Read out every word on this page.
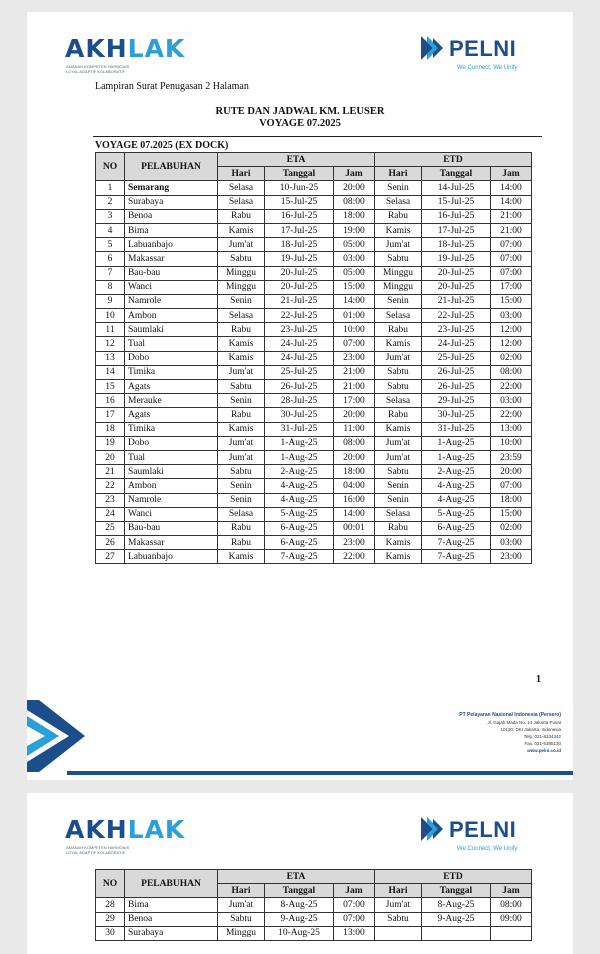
AKHLAK
AMANAH KOMPETEN HARMONIS LOYAL ADAPTIF KOLABORATIF
PELNI
We Connect, We Unify
Lampiran Surat Penugasan 2 Halaman
RUTE DAN JADWAL KM. LEUSER
VOYAGE 07.2025
VOYAGE 07.2025 (EX DOCK)
NO	PELABUHAN	ETA			ETD		
		Hari	Tanggal	Jam	Hari	Tanggal	Jam
1	Semarang	Selasa	10-Jun-25	20:00	Senin	14-Jul-25	14:00
2	Surabaya	Selasa	15-Jul-25	08:00	Selasa	15-Jul-25	14:00
3	Benoa	Rabu	16-Jul-25	18:00	Rabu	16-Jul-25	21:00
4	Bima	Kamis	17-Jul-25	19:00	Kamis	17-Jul-25	21:00
5	Labuanbajo	Jum'at	18-Jul-25	05:00	Jum'at	18-Jul-25	07:00
6	Makassar	Sabtu	19-Jul-25	03:00	Sabtu	19-Jul-25	07:00
7	Bau-bau	Minggu	20-Jul-25	05:00	Minggu	20-Jul-25	07:00
8	Wanci	Minggu	20-Jul-25	15:00	Minggu	20-Jul-25	17:00
9	Namrole	Senin	21-Jul-25	14:00	Senin	21-Jul-25	15:00
10	Ambon	Selasa	22-Jul-25	01:00	Selasa	22-Jul-25	03:00
11	Saumlaki	Rabu	23-Jul-25	10:00	Rabu	23-Jul-25	12:00
12	Tual	Kamis	24-Jul-25	07:00	Kamis	24-Jul-25	12:00
13	Dobo	Kamis	24-Jul-25	23:00	Jum'at	25-Jul-25	02:00
14	Timika	Jum'at	25-Jul-25	21:00	Sabtu	26-Jul-25	08:00
15	Agats	Sabtu	26-Jul-25	21:00	Sabtu	26-Jul-25	22:00
16	Merauke	Senin	28-Jul-25	17:00	Selasa	29-Jul-25	03:00
17	Agats	Rabu	30-Jul-25	20:00	Rabu	30-Jul-25	22:00
18	Timika	Kamis	31-Jul-25	11:00	Kamis	31-Jul-25	13:00
19	Dobo	Jum'at	1-Aug-25	08:00	Jum'at	1-Aug-25	10:00
20	Tual	Jum'at	1-Aug-25	20:00	Jum'at	1-Aug-25	23:59
21	Saumlaki	Sabtu	2-Aug-25	18:00	Sabtu	2-Aug-25	20:00
22	Ambon	Senin	4-Aug-25	04:00	Senin	4-Aug-25	07:00
23	Namrole	Senin	4-Aug-25	16:00	Senin	4-Aug-25	18:00
24	Wanci	Selasa	5-Aug-25	14:00	Selasa	5-Aug-25	15:00
25	Bau-bau	Rabu	6-Aug-25	00:01	Rabu	6-Aug-25	02:00
26	Makassar	Rabu	6-Aug-25	23:00	Kamis	7-Aug-25	03:00
27	Labuanbajo	Kamis	7-Aug-25	22:00	Kamis	7-Aug-25	23:00
1
PT Pelayaran Nasional Indonesia (Persero)
Jl. Gajah Mada No. 14 Jakarta Pusat
10130, DKI Jakarta, Indonesia
Telp. 021-6334342
Fax. 021-6385130
www.pelni.co.id
AKHLAK
AMANAH KOMPETEN HARMONIS LOYAL ADAPTIF KOLABORATIF
PELNI
We Connect, We Unify
NO	PELABUHAN	ETA			ETD		
		Hari	Tanggal	Jam	Hari	Tanggal	Jam
28	Bima	Jum'at	8-Aug-25	07:00	Jum'at	8-Aug-25	08:00
29	Benoa	Sabtu	9-Aug-25	07:00	Sabtu	9-Aug-25	09:00
30	Surabaya	Minggu	10-Aug-25	13:00			
